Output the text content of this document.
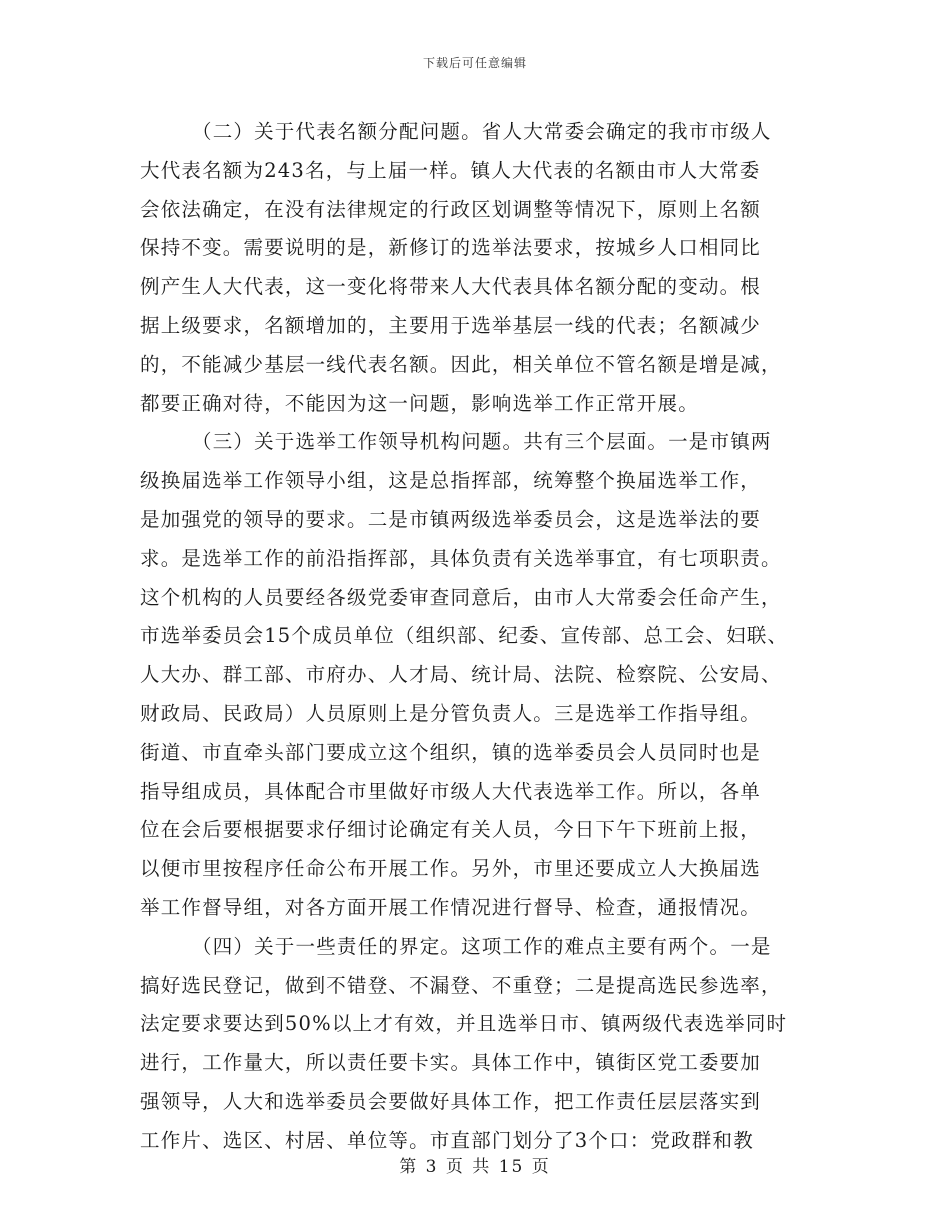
下载后可任意编辑
（二）关于代表名额分配问题。省人大常委会确定的我市市级人
大代表名额为243名，与上届一样。镇人大代表的名额由市人大常委
会依法确定，在没有法律规定的行政区划调整等情况下，原则上名额
保持不变。需要说明的是，新修订的选举法要求，按城乡人口相同比
例产生人大代表，这一变化将带来人大代表具体名额分配的变动。根
据上级要求，名额增加的，主要用于选举基层一线的代表；名额减少
的，不能减少基层一线代表名额。因此，相关单位不管名额是增是减，
都要正确对待，不能因为这一问题，影响选举工作正常开展。
（三）关于选举工作领导机构问题。共有三个层面。一是市镇两
级换届选举工作领导小组，这是总指挥部，统筹整个换届选举工作，
是加强党的领导的要求。二是市镇两级选举委员会，这是选举法的要
求。是选举工作的前沿指挥部，具体负责有关选举事宜，有七项职责。
这个机构的人员要经各级党委审查同意后，由市人大常委会任命产生，
市选举委员会15个成员单位（组织部、纪委、宣传部、总工会、妇联、
人大办、群工部、市府办、人才局、统计局、法院、检察院、公安局、
财政局、民政局）人员原则上是分管负责人。三是选举工作指导组。
街道、市直牵头部门要成立这个组织，镇的选举委员会人员同时也是
指导组成员，具体配合市里做好市级人大代表选举工作。所以，各单
位在会后要根据要求仔细讨论确定有关人员，今日下午下班前上报，
以便市里按程序任命公布开展工作。另外，市里还要成立人大换届选
举工作督导组，对各方面开展工作情况进行督导、检查，通报情况。
（四）关于一些责任的界定。这项工作的难点主要有两个。一是
搞好选民登记，做到不错登、不漏登、不重登；二是提高选民参选率，
法定要求要达到50%以上才有效，并且选举日市、镇两级代表选举同时
进行，工作量大，所以责任要卡实。具体工作中，镇街区党工委要加
强领导，人大和选举委员会要做好具体工作，把工作责任层层落实到
工作片、选区、村居、单位等。市直部门划分了3个口：党政群和教
第 3 页 共 15 页
